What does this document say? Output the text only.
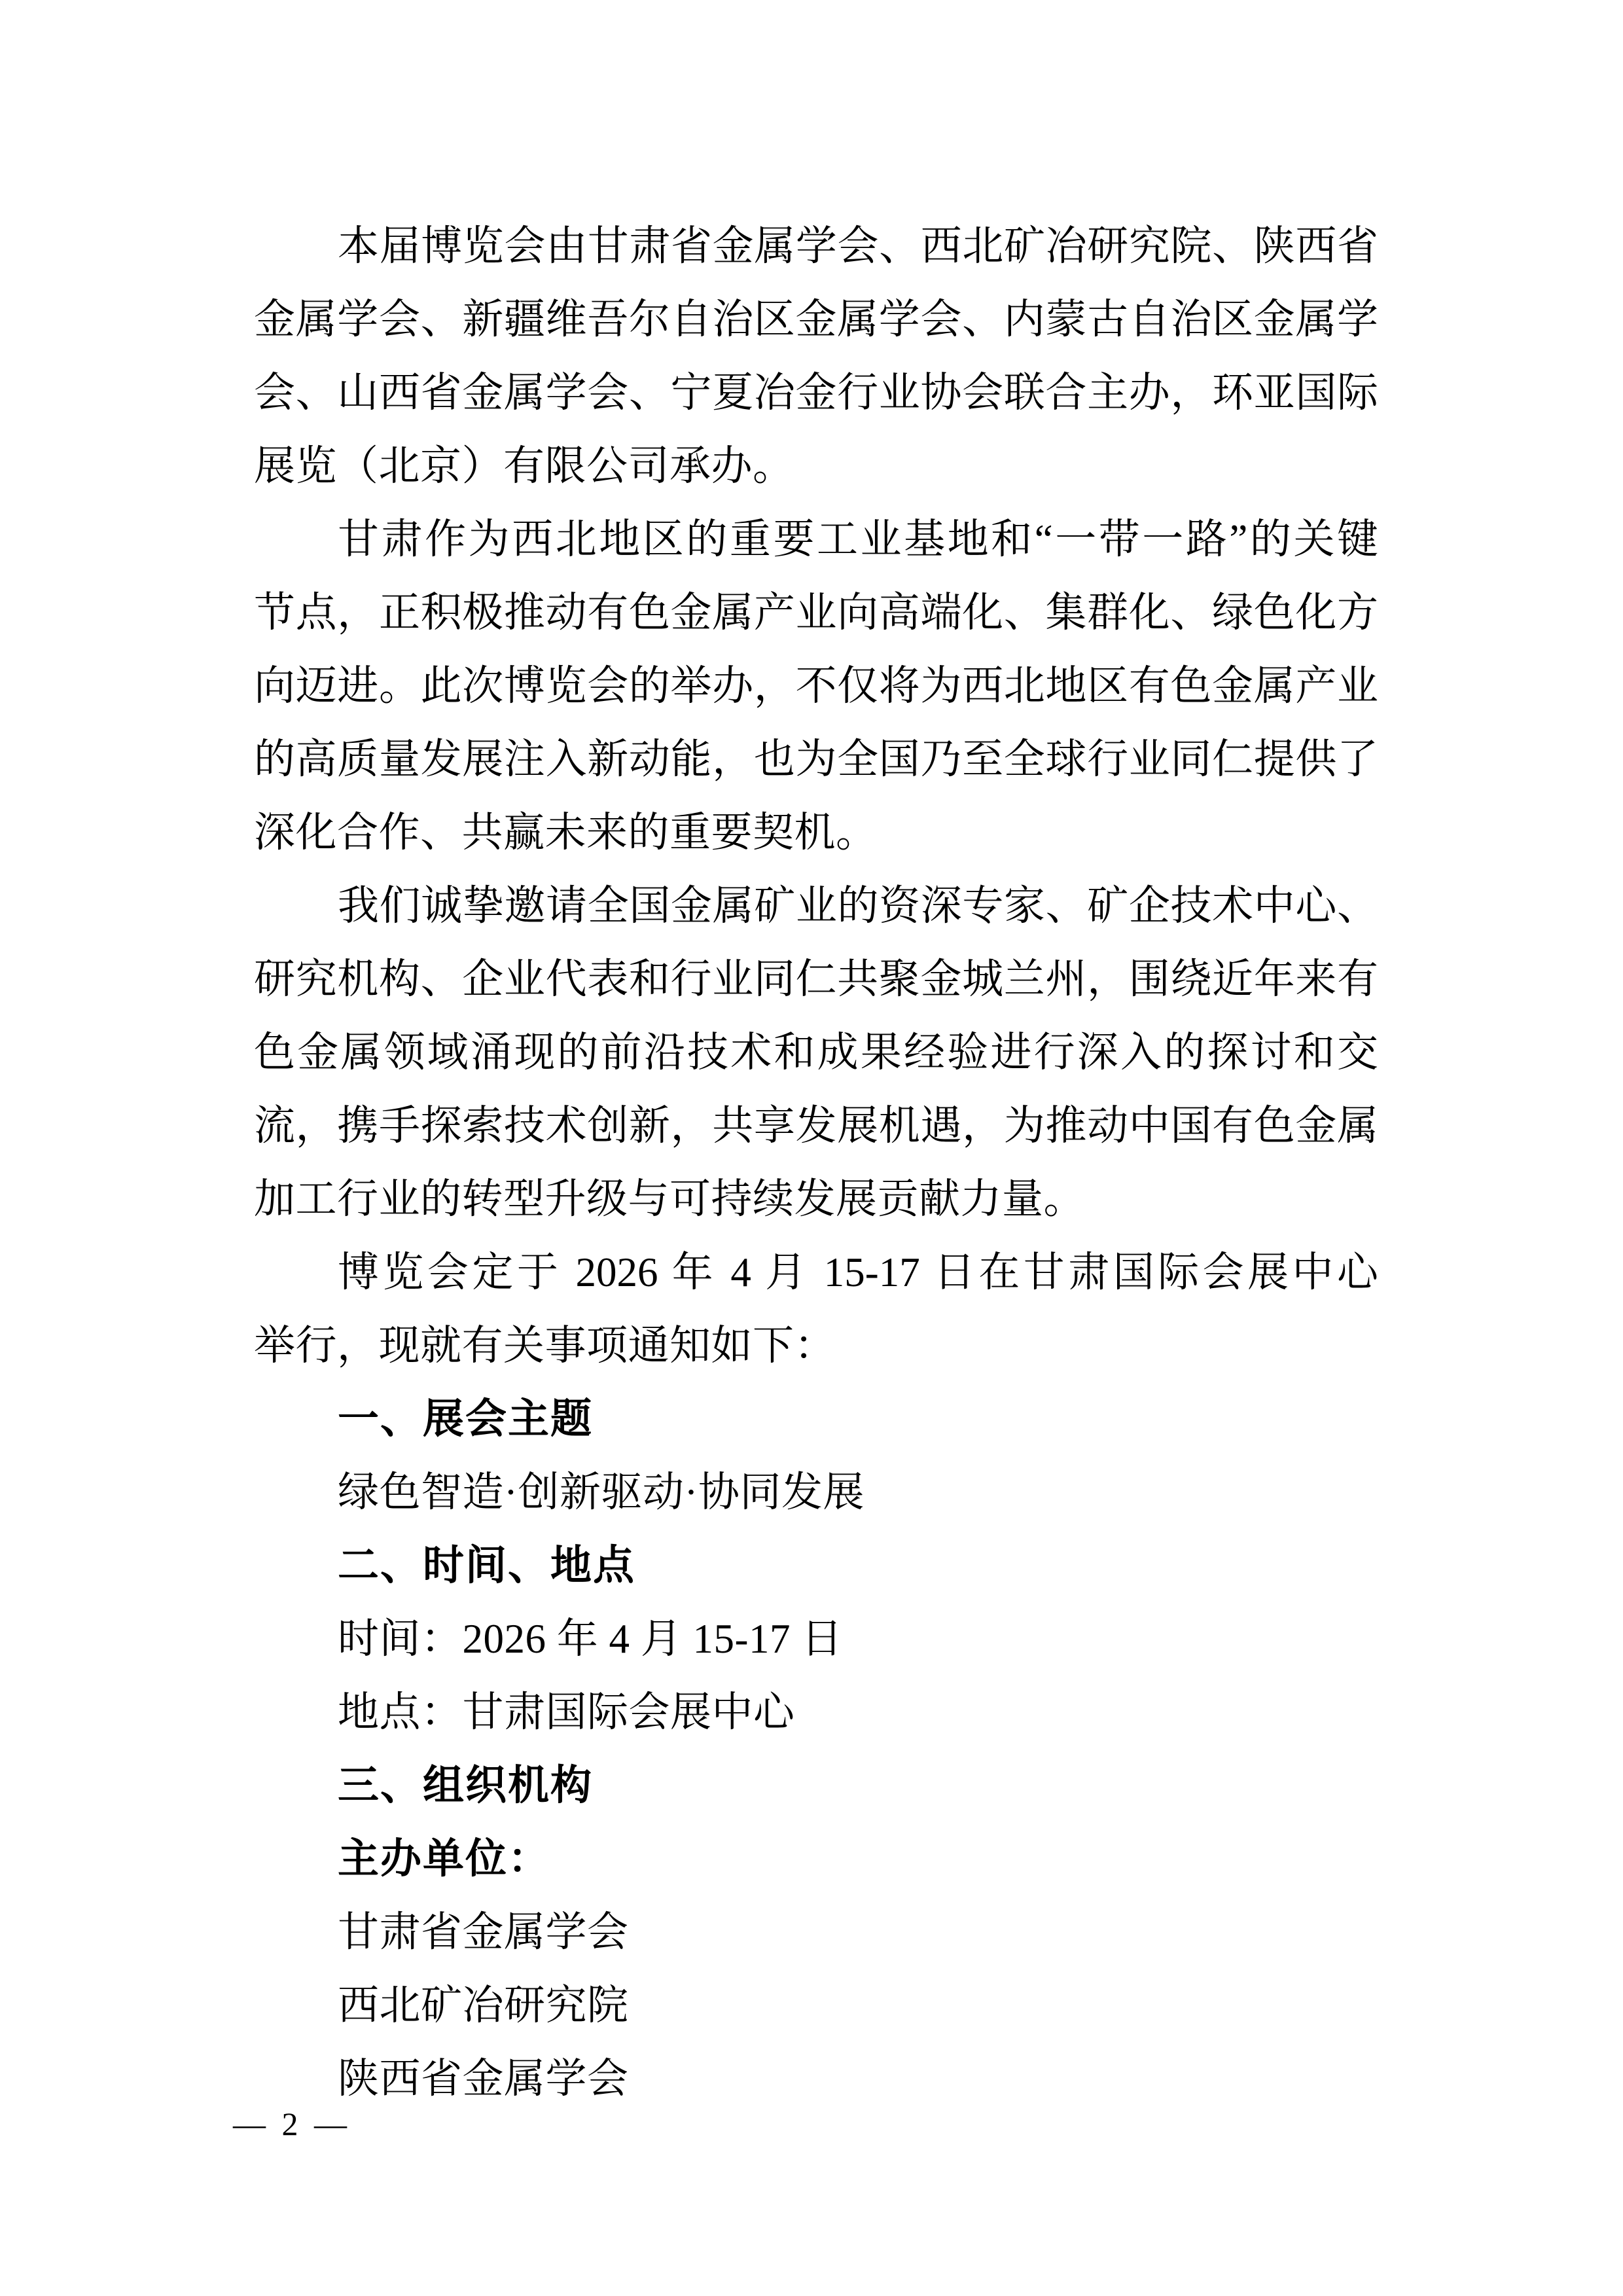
本届博览会由甘肃省金属学会、西北矿冶研究院、陕西省
金属学会、新疆维吾尔自治区金属学会、内蒙古自治区金属学
会、山西省金属学会、宁夏冶金行业协会联合主办，环亚国际
展览（北京）有限公司承办。
甘肃作为西北地区的重要工业基地和“一带一路”的关键
节点，正积极推动有色金属产业向高端化、集群化、绿色化方
向迈进。此次博览会的举办，不仅将为西北地区有色金属产业
的高质量发展注入新动能，也为全国乃至全球行业同仁提供了
深化合作、共赢未来的重要契机。
我们诚挚邀请全国金属矿业的资深专家、矿企技术中心、
研究机构、企业代表和行业同仁共聚金城兰州，围绕近年来有
色金属领域涌现的前沿技术和成果经验进行深入的探讨和交
流，携手探索技术创新，共享发展机遇，为推动中国有色金属
加工行业的转型升级与可持续发展贡献力量。
博览会定于 2026 年 4 月 15-17 日在甘肃国际会展中心
举行，现就有关事项通知如下：
一、展会主题
绿色智造·创新驱动·协同发展
二、时间、地点
时间：2026 年 4 月 15-17 日
地点：甘肃国际会展中心
三、组织机构
主办单位：
甘肃省金属学会
西北矿冶研究院
陕西省金属学会
— 2 —
